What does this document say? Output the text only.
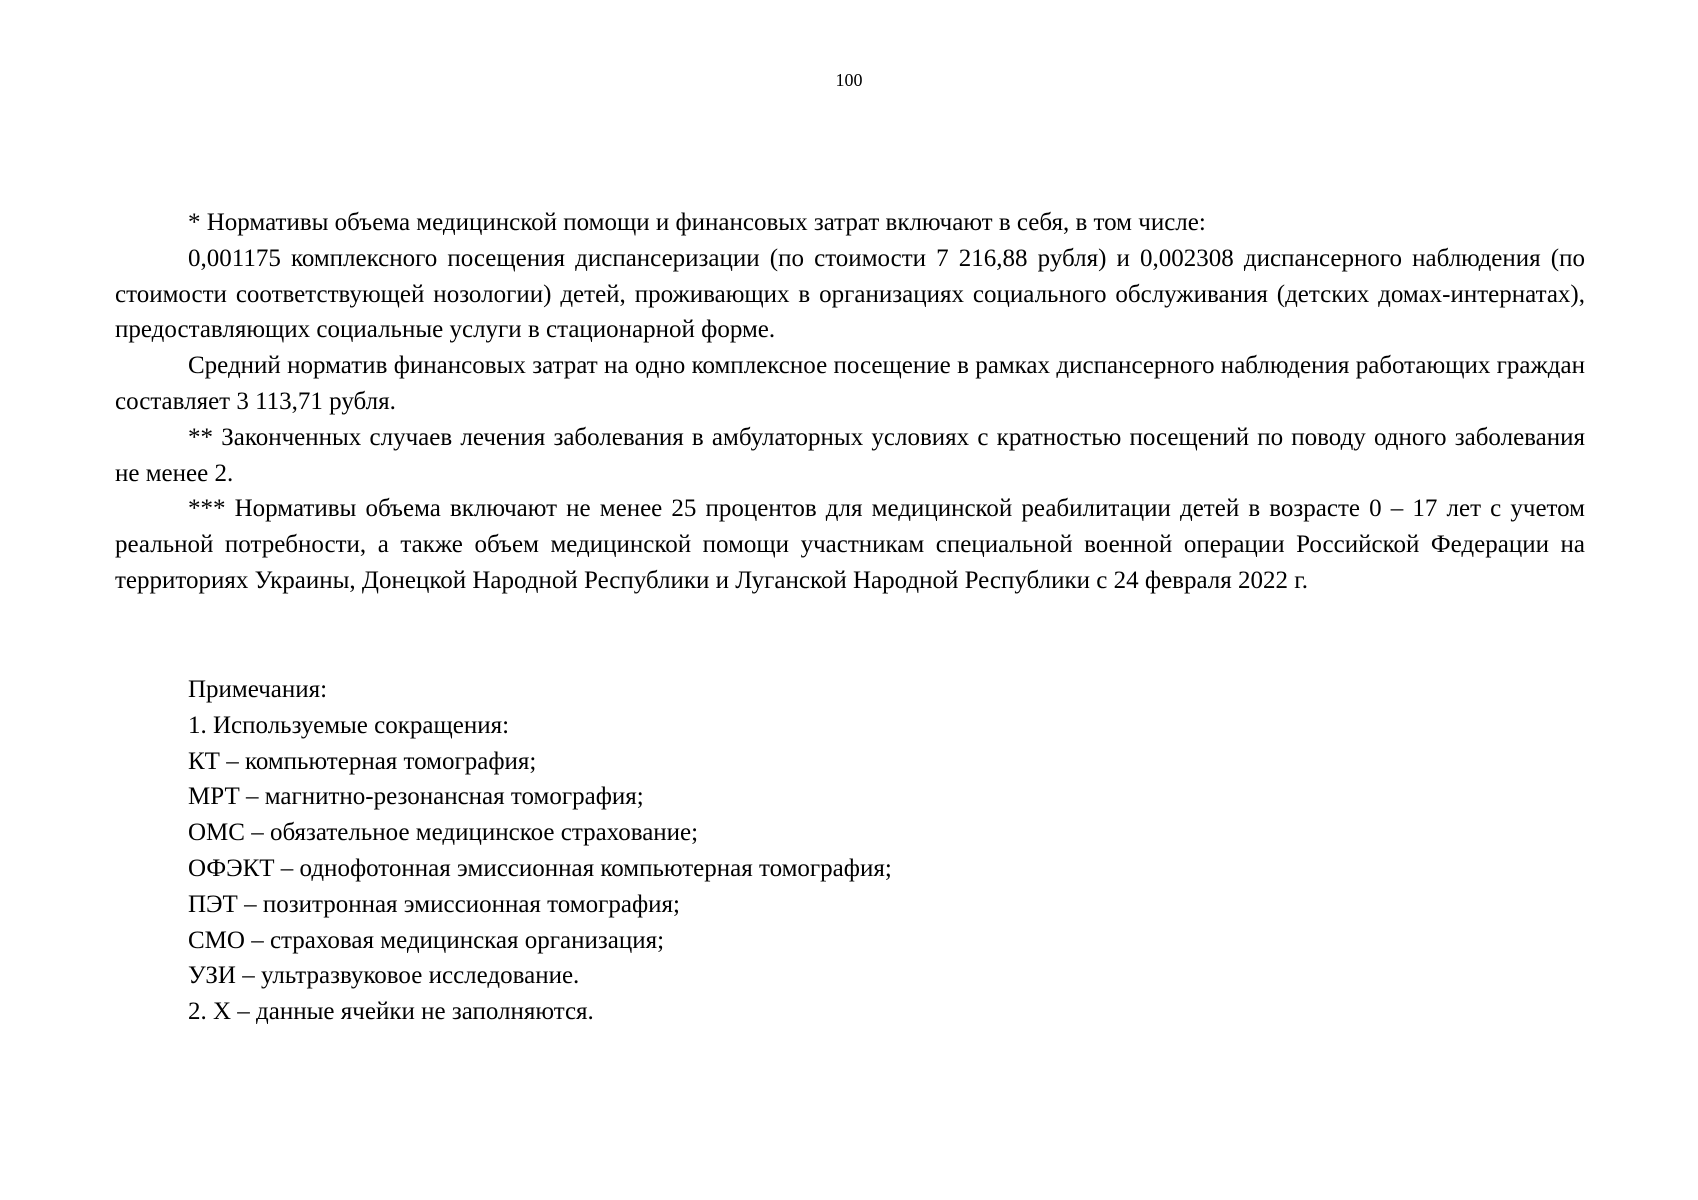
100

* Нормативы объема медицинской помощи и финансовых затрат включают в себя, в том числе:

0,001175 комплексного посещения диспансеризации (по стоимости 7 216,88 рубля) и 0,002308 диспансерного наблюдения (по стоимости соответствующей нозологии) детей, проживающих в организациях социального обслуживания (детских домах-интернатах), предоставляющих социальные услуги в стационарной форме.

Средний норматив финансовых затрат на одно комплексное посещение в рамках диспансерного наблюдения работающих граждан составляет 3 113,71 рубля.

** Законченных случаев лечения заболевания в амбулаторных условиях с кратностью посещений по поводу одного заболевания не менее 2.

*** Нормативы объема включают не менее 25 процентов для медицинской реабилитации детей в возрасте 0 – 17 лет с учетом реальной потребности, а также объем медицинской помощи участникам специальной военной операции Российской Федерации на территориях Украины, Донецкой Народной Республики и Луганской Народной Республики с 24 февраля 2022 г.

Примечания:
1. Используемые сокращения:
КТ – компьютерная томография;
МРТ – магнитно-резонансная томография;
ОМС – обязательное медицинское страхование;
ОФЭКТ – однофотонная эмиссионная компьютерная томография;
ПЭТ – позитронная эмиссионная томография;
СМО – страховая медицинская организация;
УЗИ – ультразвуковое исследование.
2. Х – данные ячейки не заполняются.
